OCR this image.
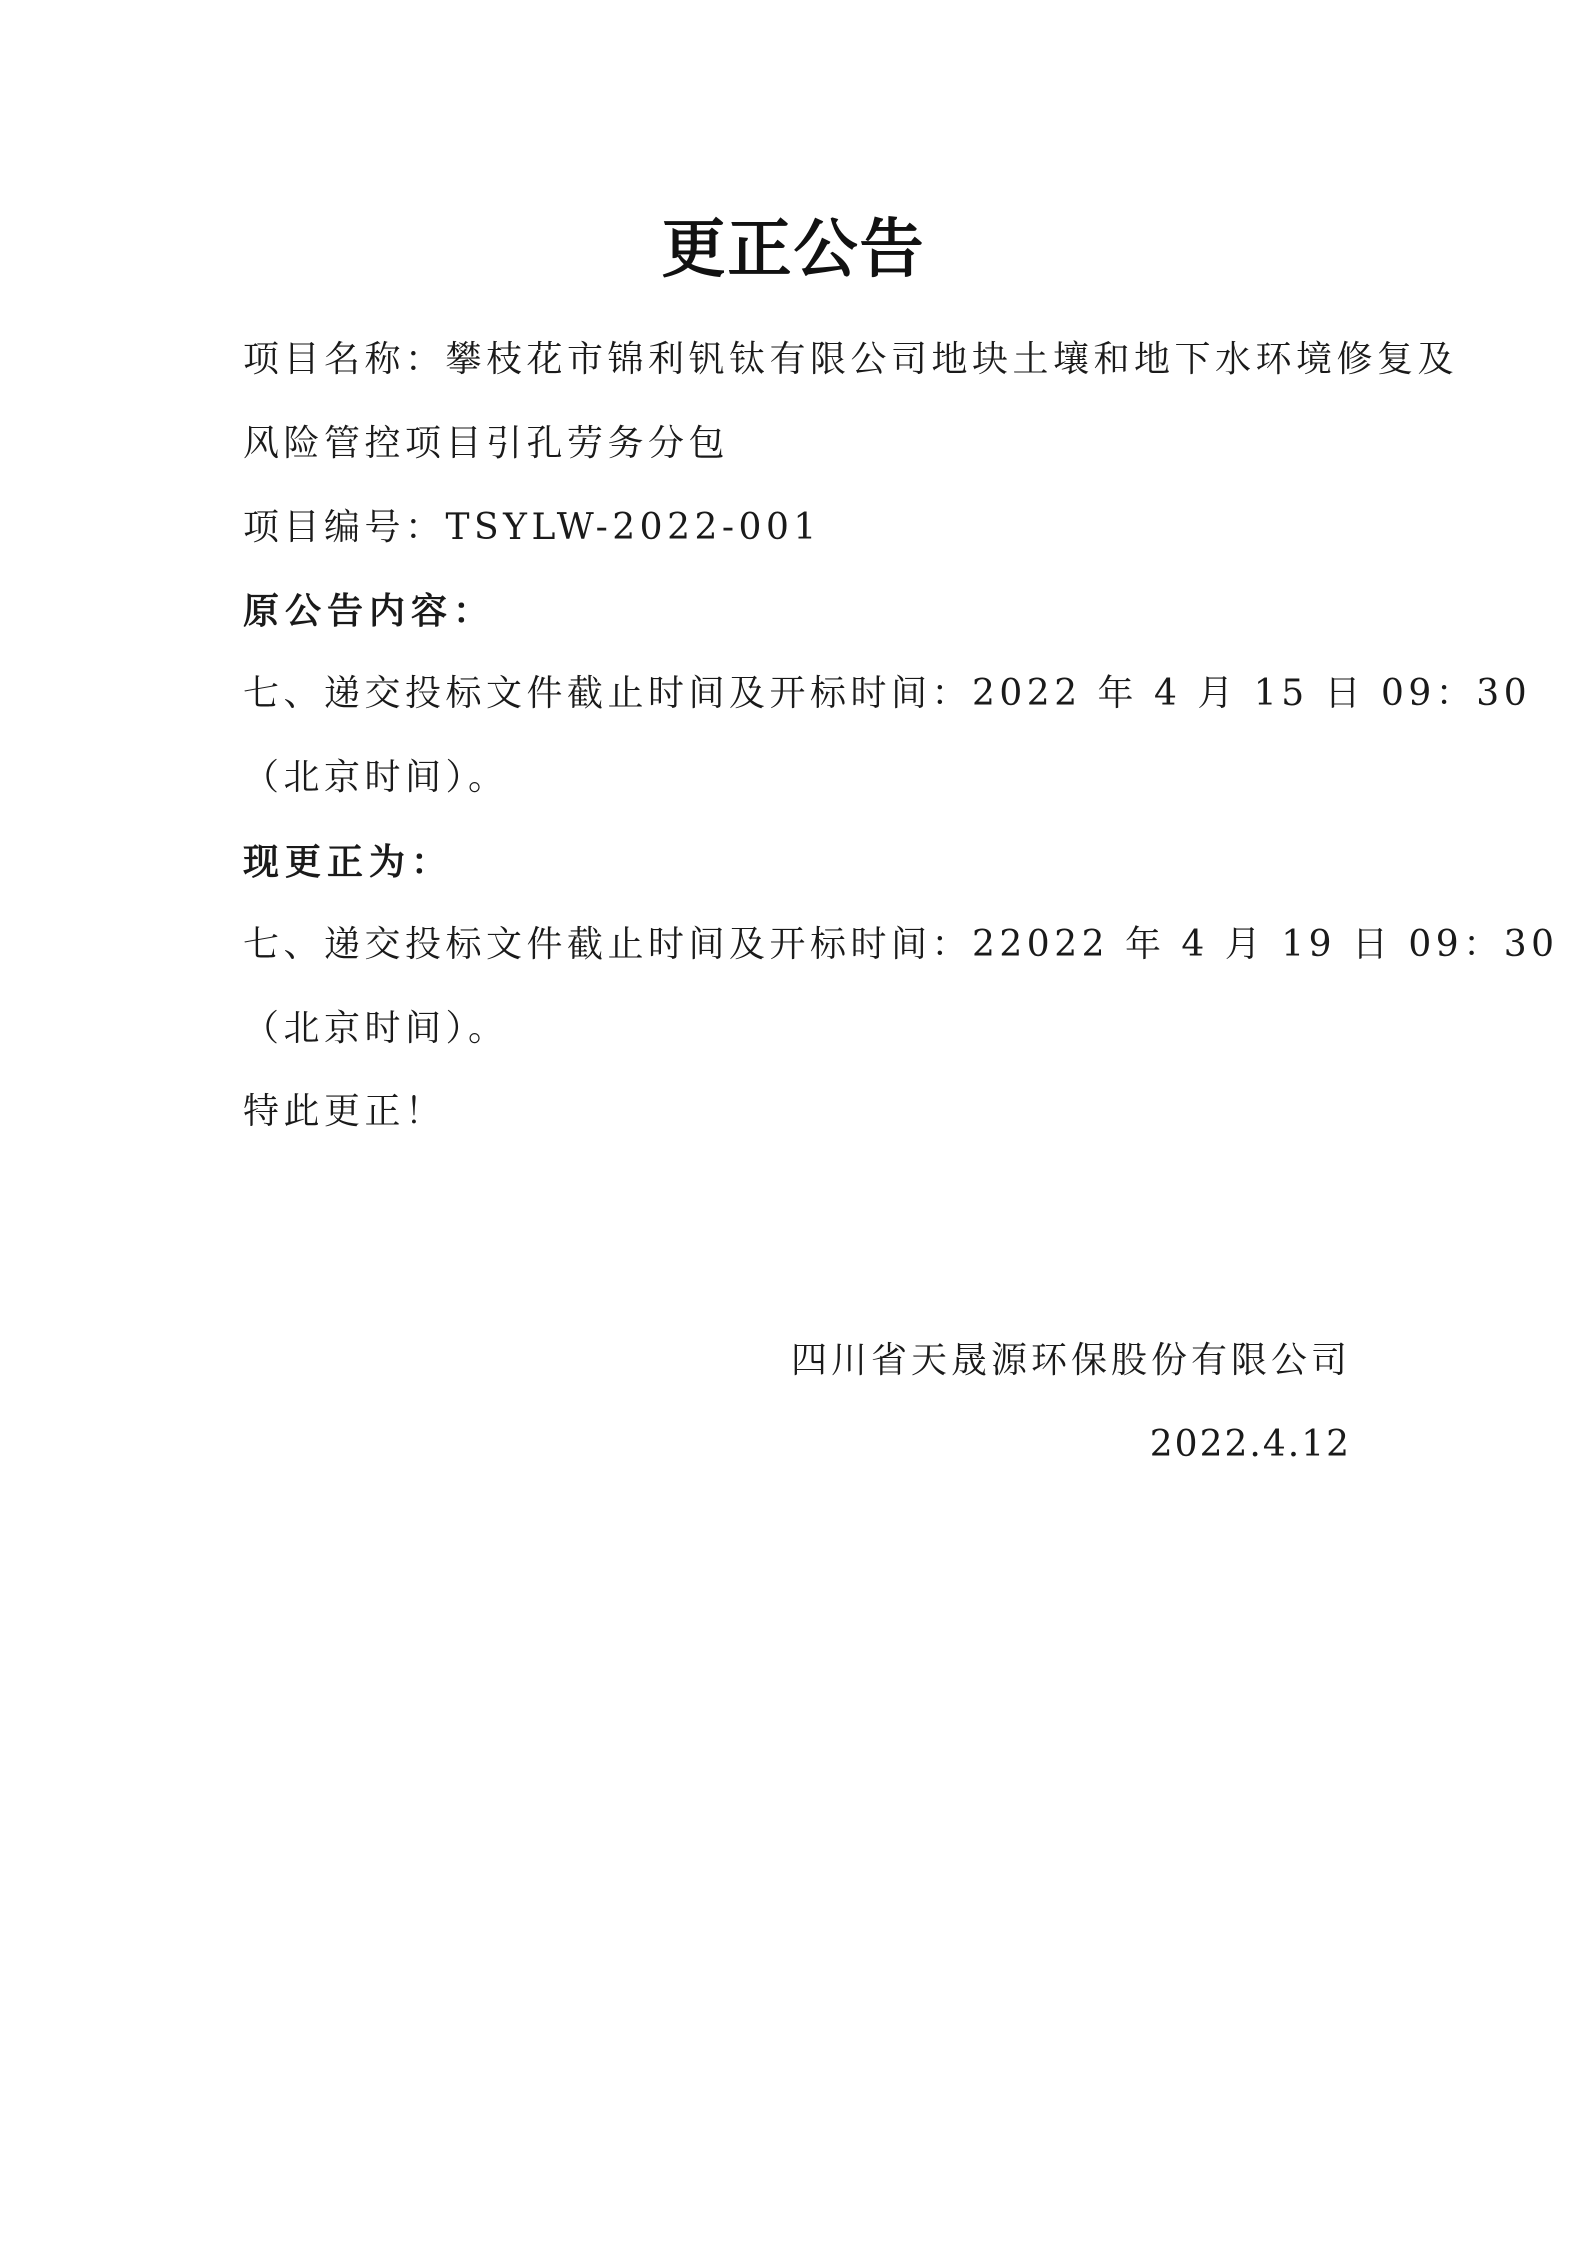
更正公告
项目名称：攀枝花市锦利钒钛有限公司地块土壤和地下水环境修复及
风险管控项目引孔劳务分包
项目编号：TSYLW-2022-001
原公告内容：
七、递交投标文件截止时间及开标时间：2022 年 4 月 15 日 09：30
（北京时间）。
现更正为：
七、递交投标文件截止时间及开标时间：22022 年 4 月 19 日 09：30
（北京时间）。
特此更正！
四川省天晟源环保股份有限公司
2022.4.12
